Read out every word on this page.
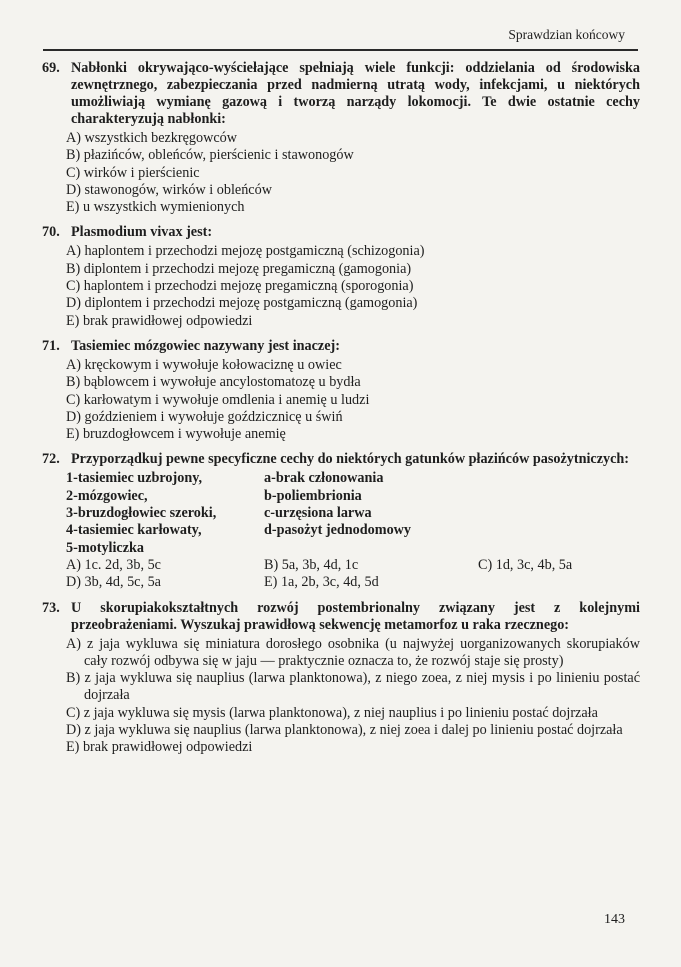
Sprawdzian końcowy
69. Nabłonki okrywająco-wyściełające spełniają wiele funkcji: oddzielania od środowiska zewnętrznego, zabezpieczania przed nadmierną utratą wody, infekcjami, u niektórych umożliwiają wymianę gazową i tworzą narządy lokomocji. Te dwie ostatnie cechy charakteryzują nabłonki:
A) wszystkich bezkręgowców
B) płazińców, obleńców, pierścienic i stawonogów
C) wirków i pierścienic
D) stawonogów, wirków i obleńców
E) u wszystkich wymienionych
70. Plasmodium vivax jest:
A) haplontem i przechodzi mejozę postgamiczną (schizogonia)
B) diplontem i przechodzi mejozę pregamiczną (gamogonia)
C) haplontem i przechodzi mejozę pregamiczną (sporogonia)
D) diplontem i przechodzi mejozę postgamiczną (gamogonia)
E) brak prawidłowej odpowiedzi
71. Tasiemiec mózgowiec nazywany jest inaczej:
A) kręckowym i wywołuje kołowaciznę u owiec
B) bąblowcem i wywołuje ancylostomatozę u bydła
C) karłowatym i wywołuje omdlenia i anemię u ludzi
D) goździeniem i wywołuje goździcznicę u świń
E) bruzdogłowcem i wywołuje anemię
72. Przyporządkuj pewne specyficzne cechy do niektórych gatunków płazińców pasożytniczych:
1-tasiemiec uzbrojony,	a-brak członowania
2-mózgowiec,	b-poliembrionia
3-bruzdogłowiec szeroki,	c-urzęsiona larwa
4-tasiemiec karłowaty,	d-pasożyt jednodomowy
5-motyliczka
A) 1c. 2d, 3b, 5c	B) 5a, 3b, 4d, 1c	C) 1d, 3c, 4b, 5a
D) 3b, 4d, 5c, 5a	E) 1a, 2b, 3c, 4d, 5d
73. U skorupiakokształtnych rozwój postembrionalny związany jest z kolejnymi przeobrażeniami. Wyszukaj prawidłową sekwencję metamorfoz u raka rzecznego:
A) z jaja wykluwa się miniatura dorosłego osobnika (u najwyżej uorganizowanych skorupiaków cały rozwój odbywa się w jaju — praktycznie oznacza to, że rozwój staje się prosty)
B) z jaja wykluwa się nauplius (larwa planktonowa), z niego zoea, z niej mysis i po linieniu postać dojrzała
C) z jaja wykluwa się mysis (larwa planktonowa), z niej nauplius i po linieniu postać dojrzała
D) z jaja wykluwa się nauplius (larwa planktonowa), z niej zoea i dalej po linieniu postać dojrzała
E) brak prawidłowej odpowiedzi
143
